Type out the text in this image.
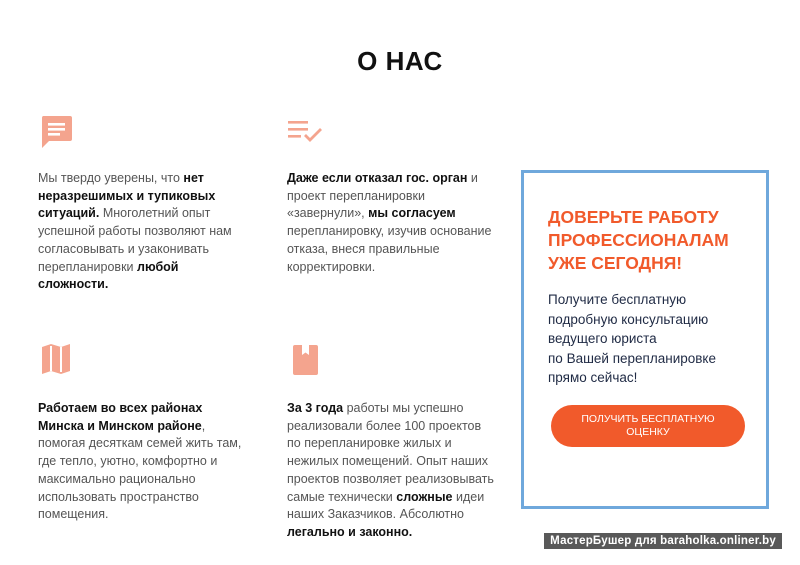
О НАС
Мы твердо уверены, что нет
неразрешимых и тупиковых
ситуаций. Многолетний опыт
успешной работы позволяют нам
согласовывать и узаконивать
перепланировки любой
сложности.
Даже если отказал гос. орган и
проект перепланировки
«завернули», мы согласуем
перепланировку, изучив основание
отказа, внеся правильные
корректировки.
Работаем во всех районах
Минска и Минском районе,
помогая десяткам семей жить там,
где тепло, уютно, комфортно и
максимально рационально
использовать пространство
помещения.
За 3 года работы мы успешно
реализовали более 100 проектов
по перепланировке жилых и
нежилых помещений. Опыт наших
проектов позволяет реализовывать
самые технически сложные идеи
наших Заказчиков. Абсолютно
легально и законно.
ДОВЕРЬТЕ РАБОТУ
ПРОФЕССИОНАЛАМ
УЖЕ СЕГОДНЯ!
Получите бесплатную
подробную консультацию
ведущего юриста
по Вашей перепланировке
прямо сейчас!
ПОЛУЧИТЬ БЕСПЛАТНУЮ
ОЦЕНКУ
МастерБушер для baraholka.onliner.by
